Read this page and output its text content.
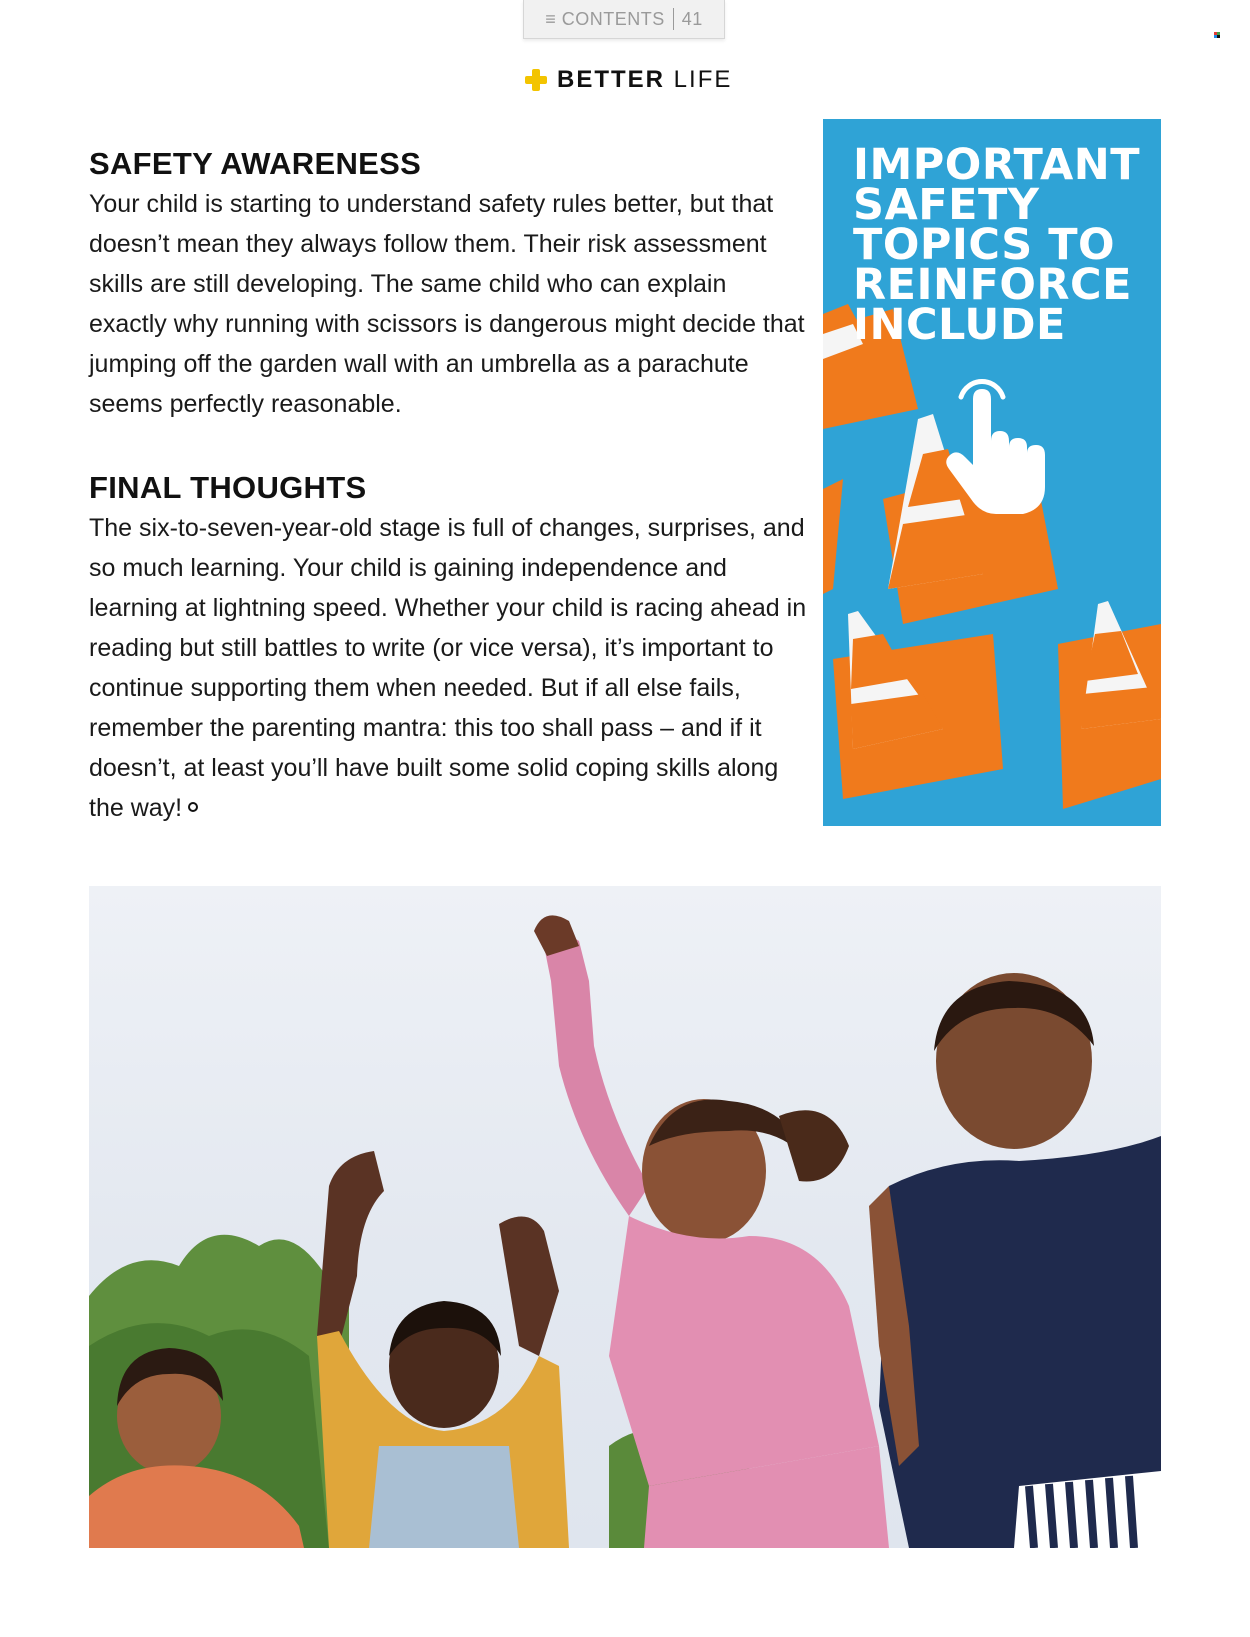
≡ CONTENTS 41
BETTER LIFE
SAFETY AWARENESS

Your child is starting to understand safety rules better, but that doesn’t mean they always follow them. Their risk assessment skills are still developing. The same child who can explain exactly why running with scissors is dangerous might decide that jumping off the garden wall with an umbrella as a parachute seems perfectly reasonable.

FINAL THOUGHTS

The six-to-seven-year-old stage is full of changes, surprises, and so much learning. Your child is gaining independence and learning at lightning speed. Whether your child is racing ahead in reading but still battles to write (or vice versa), it’s important to continue supporting them when needed. But if all else fails, remember the parenting mantra: this too shall pass – and if it doesn’t, at least you’ll have built some solid coping skills along the way!

IMPORTANT SAFETY TOPICS TO REINFORCE INCLUDE
